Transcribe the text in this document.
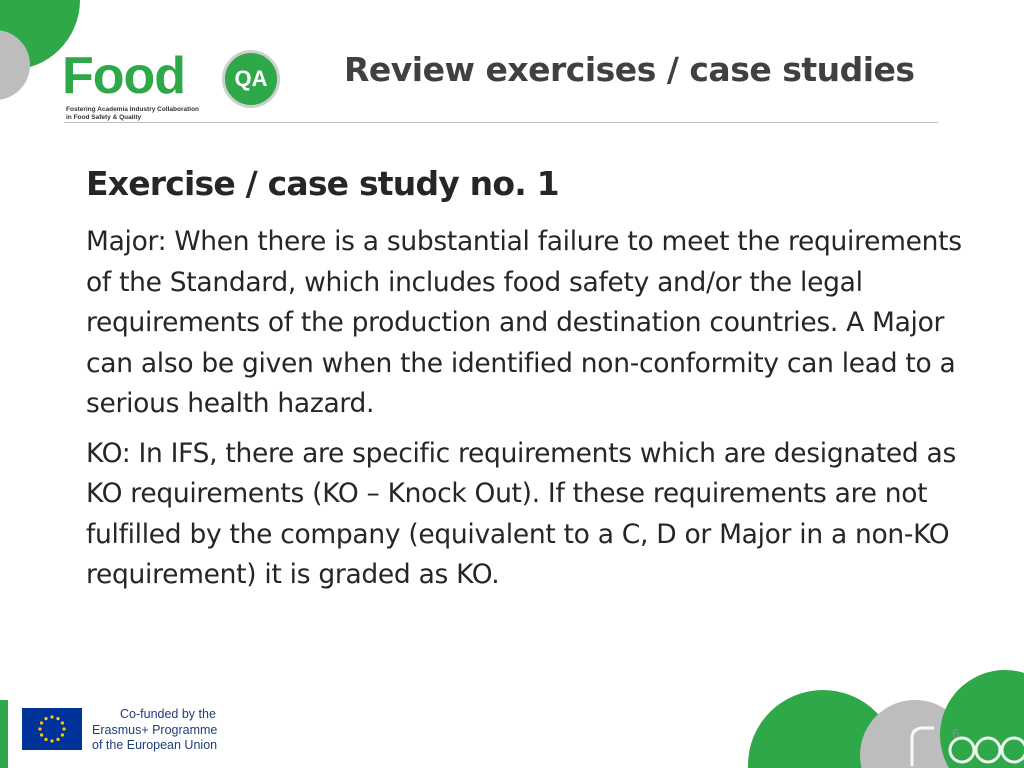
Food	QA
Fostering Academia Industry Collaboration
in Food Safety & Quality
Review exercises / case studies
Exercise / case study no. 1

Major: When there is a substantial failure to meet the requirements of the Standard, which includes food safety and/or the legal requirements of the production and destination countries. A Major can also be given when the identified non-conformity can lead to a serious health hazard.

KO: In IFS, there are specific requirements which are designated as KO requirements (KO – Knock Out). If these requirements are not fulfilled by the company (equivalent to a C, D or Major in a non-KO requirement) it is graded as KO.

Co-funded by the
Erasmus+ Programme
of the European Union
6
